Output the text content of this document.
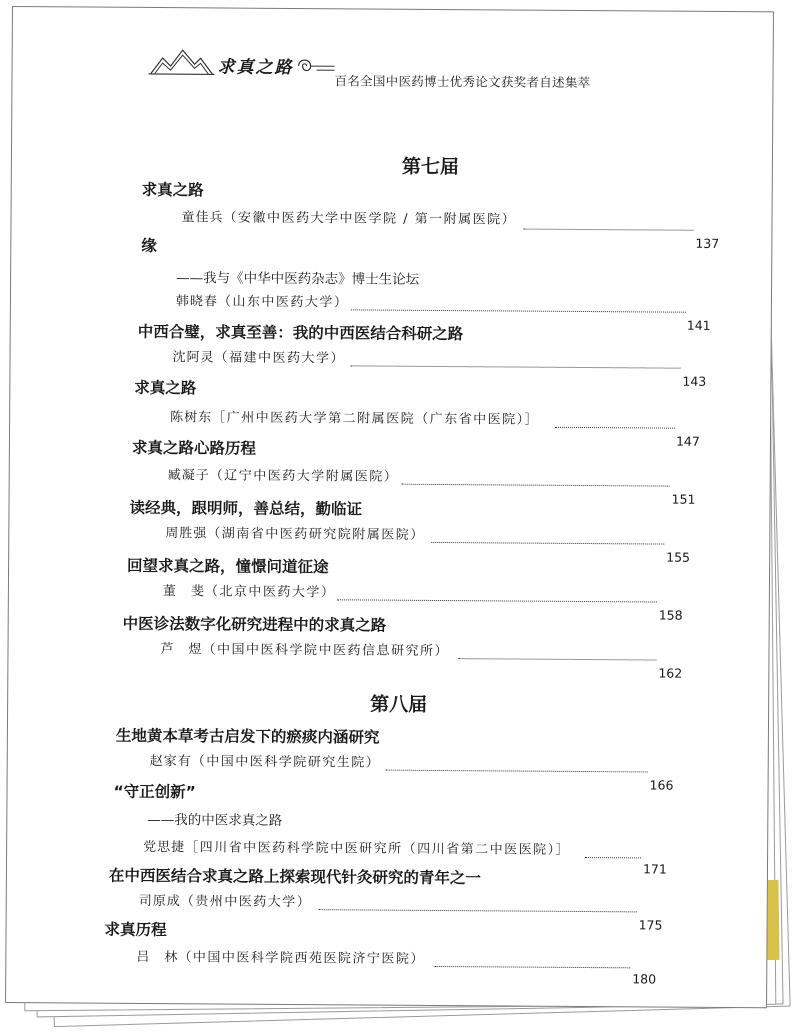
求真之路
百名全国中医药博士优秀论文获奖者自述集萃
第七届
求真之路
童佳兵 （安徽中医药大学中医学院 / 第一附属医院）
137
缘
——我与《中华中医药杂志》博士生论坛
韩晓春 （山东中医药大学）
141
中西合璧，求真至善：我的中西医结合科研之路
沈阿灵 （福建中医药大学）
143
求真之路
陈树东 ［广州中医药大学第二附属医院（广东省中医院）］
147
求真之路心路历程
臧凝子 （辽宁中医药大学附属医院）
151
读经典，跟明师，善总结，勤临证
周胜强 （湖南省中医药研究院附属医院）
155
回望求真之路，憧憬问道征途
董　斐 （北京中医药大学）
158
中医诊法数字化研究进程中的求真之路
芦　煜 （中国中医科学院中医药信息研究所）
162
第八届
生地黄本草考古启发下的瘀痰内涵研究
赵家有 （中国中医科学院研究生院）
166
“守正创新”
——我的中医求真之路
党思捷 ［四川省中医药科学院中医研究所（四川省第二中医医院）］
171
在中西医结合求真之路上探索现代针灸研究的青年之一
司原成 （贵州中医药大学）
175
求真历程
吕　林 （中国中医科学院西苑医院济宁医院）
180
